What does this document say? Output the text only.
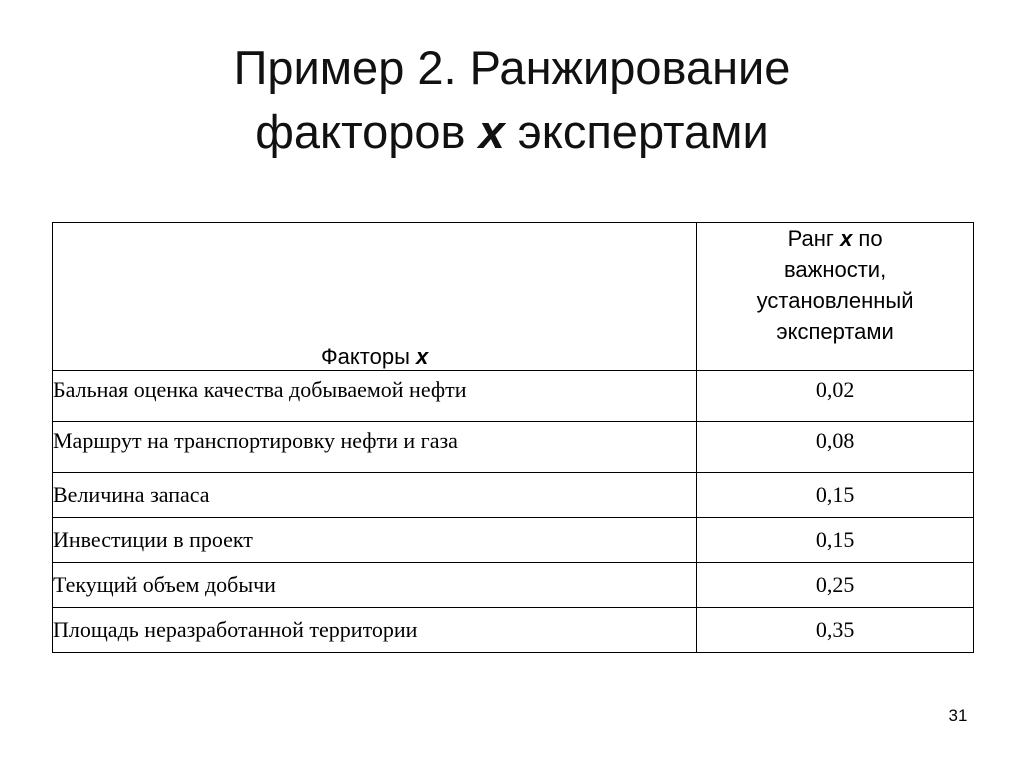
Пример 2. Ранжирование
факторов x экспертами
Факторы x	Ранг x по
важности,
установленный
экспертами

Бальная оценка качества добываемой нефти	0,02
Маршрут на транспортировку нефти и газа	0,08
Величина запаса	0,15
Инвестиции в проект	0,15
Текущий объем добычи	0,25
Площадь неразработанной территории	0,35
31
